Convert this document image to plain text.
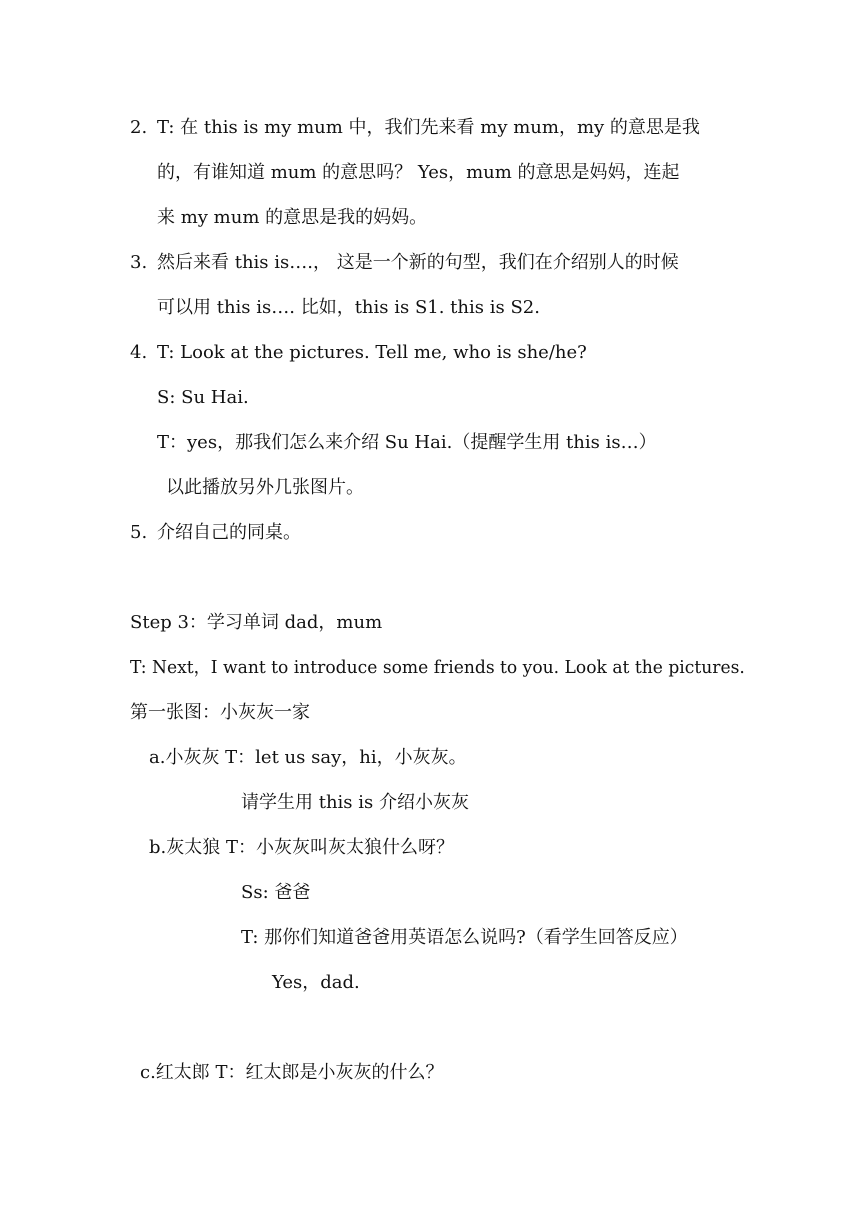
2. T: 在 this is my mum 中，我们先来看 my mum，my 的意思是我
的，有谁知道 mum 的意思吗？ Yes，mum 的意思是妈妈，连起
来 my mum 的意思是我的妈妈。
3. 然后来看 this is….， 这是一个新的句型，我们在介绍别人的时候
可以用 this is…. 比如，this is S1. this is S2.
4. T: Look at the pictures. Tell me, who is she/he?
S: Su Hai.
T：yes，那我们怎么来介绍 Su Hai.（提醒学生用 this is…）
以此播放另外几张图片。
5. 介绍自己的同桌。
Step 3：学习单词 dad，mum
T: Next，I want to introduce some friends to you. Look at the pictures.
第一张图：小灰灰一家
a.小灰灰 T：let us say，hi，小灰灰。
请学生用 this is 介绍小灰灰
b.灰太狼 T：小灰灰叫灰太狼什么呀？
Ss: 爸爸
T: 那你们知道爸爸用英语怎么说吗?（看学生回答反应）
Yes，dad.
c.红太郎 T：红太郎是小灰灰的什么？
